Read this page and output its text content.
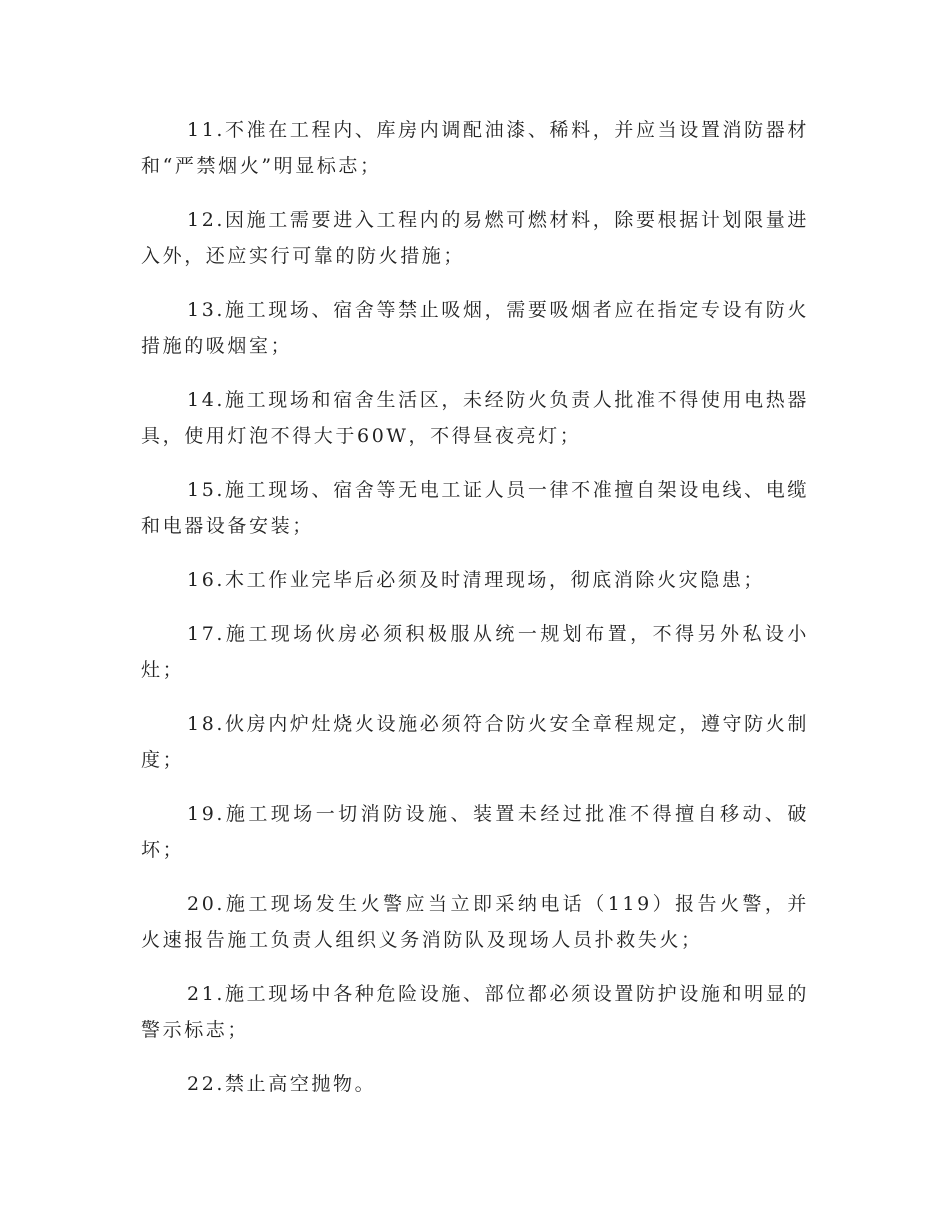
11.不准在工程内、库房内调配油漆、稀料，并应当设置消防器材和“严禁烟火”明显标志；

12.因施工需要进入工程内的易燃可燃材料，除要根据计划限量进入外，还应实行可靠的防火措施；

13.施工现场、宿舍等禁止吸烟，需要吸烟者应在指定专设有防火措施的吸烟室；

14.施工现场和宿舍生活区，未经防火负责人批准不得使用电热器具，使用灯泡不得大于60W，不得昼夜亮灯；

15.施工现场、宿舍等无电工证人员一律不准擅自架设电线、电缆和电器设备安装；

16.木工作业完毕后必须及时清理现场，彻底消除火灾隐患；

17.施工现场伙房必须积极服从统一规划布置，不得另外私设小灶；

18.伙房内炉灶烧火设施必须符合防火安全章程规定，遵守防火制度；

19.施工现场一切消防设施、装置未经过批准不得擅自移动、破坏；

20.施工现场发生火警应当立即采纳电话（119）报告火警，并火速报告施工负责人组织义务消防队及现场人员扑救失火；

21.施工现场中各种危险设施、部位都必须设置防护设施和明显的警示标志；

22.禁止高空抛物。
